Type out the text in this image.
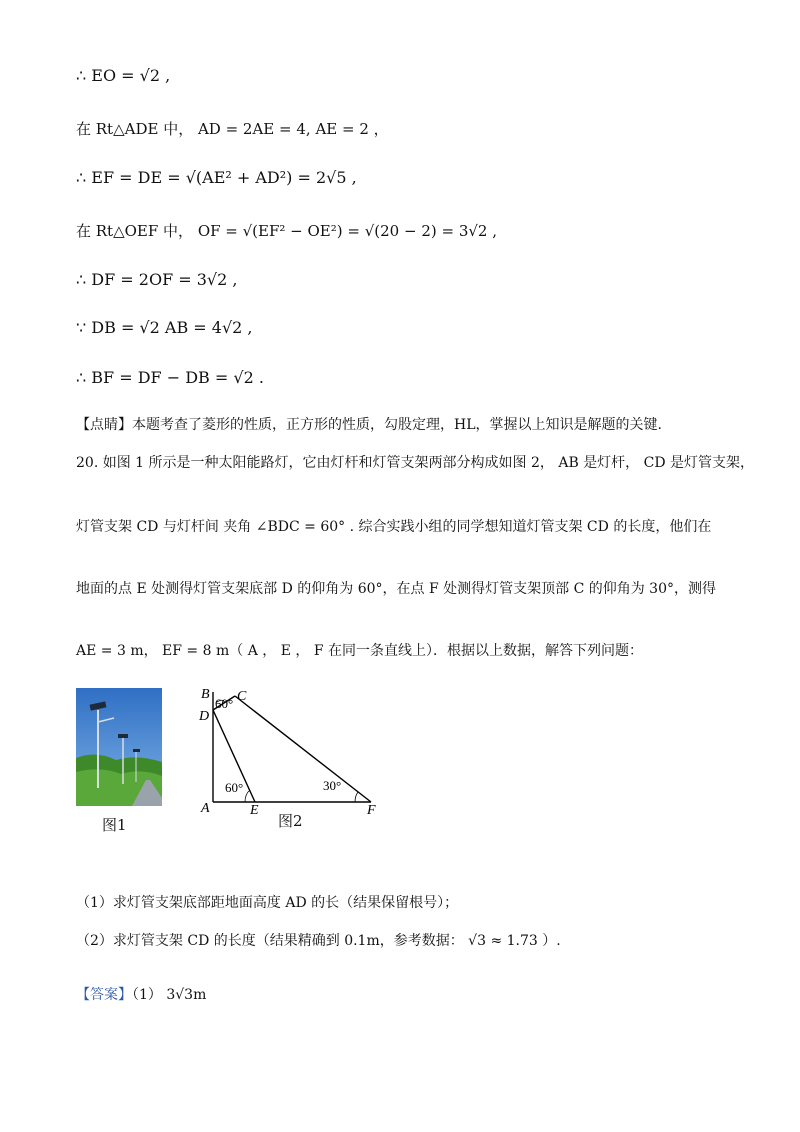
∴ EO = √2 ,
在 Rt△ADE 中， AD = 2AE = 4, AE = 2 ，
∴ EF = DE = √(AE² + AD²) = 2√5 ,
在 Rt△OEF 中， OF = √(EF² − OE²) = √(20 − 2) = 3√2 ,
∴ DF = 2OF = 3√2 ,
∵ DB = √2 AB = 4√2 ,
∴ BF = DF − DB = √2 .
【点睛】本题考查了菱形的性质，正方形的性质，勾股定理，HL，掌握以上知识是解题的关键.
20. 如图 1 所示是一种太阳能路灯，它由灯杆和灯管支架两部分构成如图 2， AB 是灯杆， CD 是灯管支架，
灯管支架 CD 与灯杆间 夹角 ∠BDC = 60° . 综合实践小组的同学想知道灯管支架 CD 的长度，他们在
地面的点 E 处测得灯管支架底部 D 的仰角为 60°，在点 F 处测得灯管支架顶部 C 的仰角为 30°，测得
AE = 3 m， EF = 8 m（ A ， E ， F 在同一条直线上）．根据以上数据，解答下列问题：
图1
B
60° C
D
60°	30°
A	E	F
图2
（1）求灯管支架底部距地面高度 AD 的长（结果保留根号）；
（2）求灯管支架 CD 的长度（结果精确到 0.1m，参考数据： √3 ≈ 1.73 ）.
【答案】（1） 3√3m
